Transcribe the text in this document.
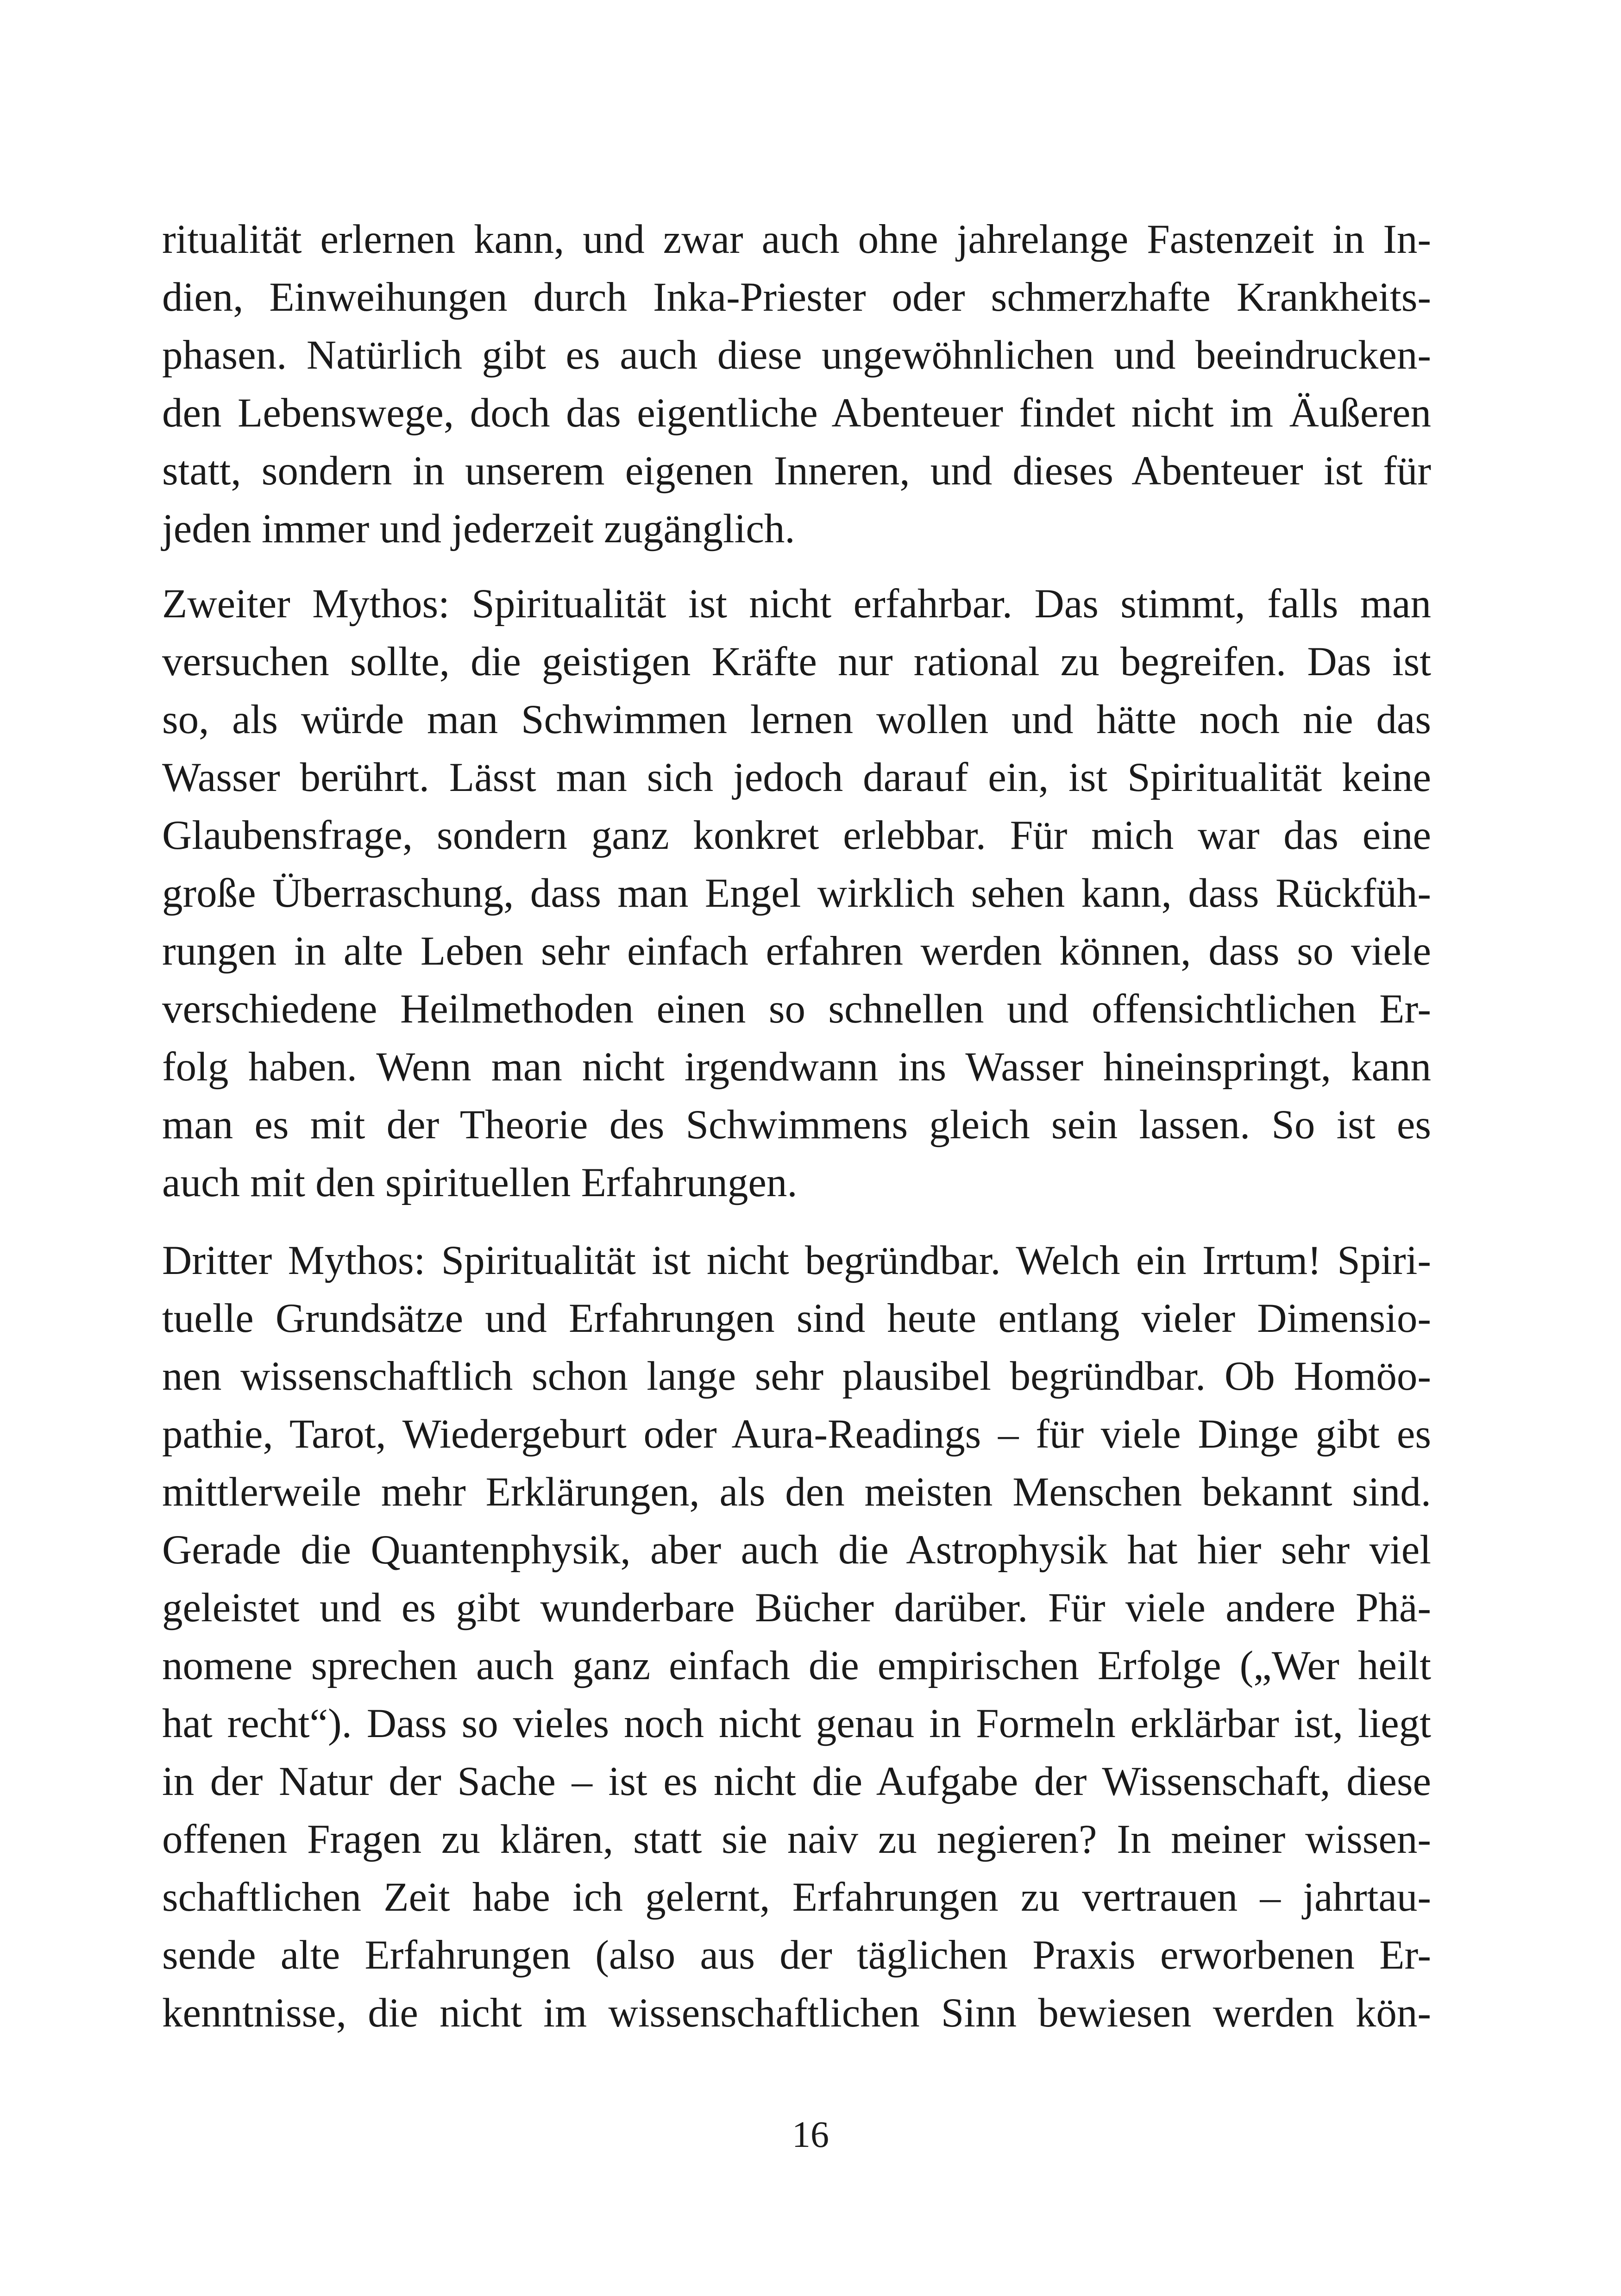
ritualität erlernen kann, und zwar auch ohne jahrelange Fastenzeit in In-
dien, Einweihungen durch Inka-Priester oder schmerzhafte Krankheits-
phasen. Natürlich gibt es auch diese ungewöhnlichen und beeindrucken-
den Lebenswege, doch das eigentliche Abenteuer findet nicht im Äußeren
statt, sondern in unserem eigenen Inneren, und dieses Abenteuer ist für
jeden immer und jederzeit zugänglich.
Zweiter Mythos: Spiritualität ist nicht erfahrbar. Das stimmt, falls man
versuchen sollte, die geistigen Kräfte nur rational zu begreifen. Das ist
so, als würde man Schwimmen lernen wollen und hätte noch nie das
Wasser berührt. Lässt man sich jedoch darauf ein, ist Spiritualität keine
Glaubensfrage, sondern ganz konkret erlebbar. Für mich war das eine
große Überraschung, dass man Engel wirklich sehen kann, dass Rückfüh-
rungen in alte Leben sehr einfach erfahren werden können, dass so viele
verschiedene Heilmethoden einen so schnellen und offensichtlichen Er-
folg haben. Wenn man nicht irgendwann ins Wasser hineinspringt, kann
man es mit der Theorie des Schwimmens gleich sein lassen. So ist es
auch mit den spirituellen Erfahrungen.
Dritter Mythos: Spiritualität ist nicht begründbar. Welch ein Irrtum! Spiri-
tuelle Grundsätze und Erfahrungen sind heute entlang vieler Dimensio-
nen wissenschaftlich schon lange sehr plausibel begründbar. Ob Homöo-
pathie, Tarot, Wiedergeburt oder Aura-Readings – für viele Dinge gibt es
mittlerweile mehr Erklärungen, als den meisten Menschen bekannt sind.
Gerade die Quantenphysik, aber auch die Astrophysik hat hier sehr viel
geleistet und es gibt wunderbare Bücher darüber. Für viele andere Phä-
nomene sprechen auch ganz einfach die empirischen Erfolge („Wer heilt
hat recht“). Dass so vieles noch nicht genau in Formeln erklärbar ist, liegt
in der Natur der Sache – ist es nicht die Aufgabe der Wissenschaft, diese
offenen Fragen zu klären, statt sie naiv zu negieren? In meiner wissen-
schaftlichen Zeit habe ich gelernt, Erfahrungen zu vertrauen – jahrtau-
sende alte Erfahrungen (also aus der täglichen Praxis erworbenen Er-
kenntnisse, die nicht im wissenschaftlichen Sinn bewiesen werden kön-
16
